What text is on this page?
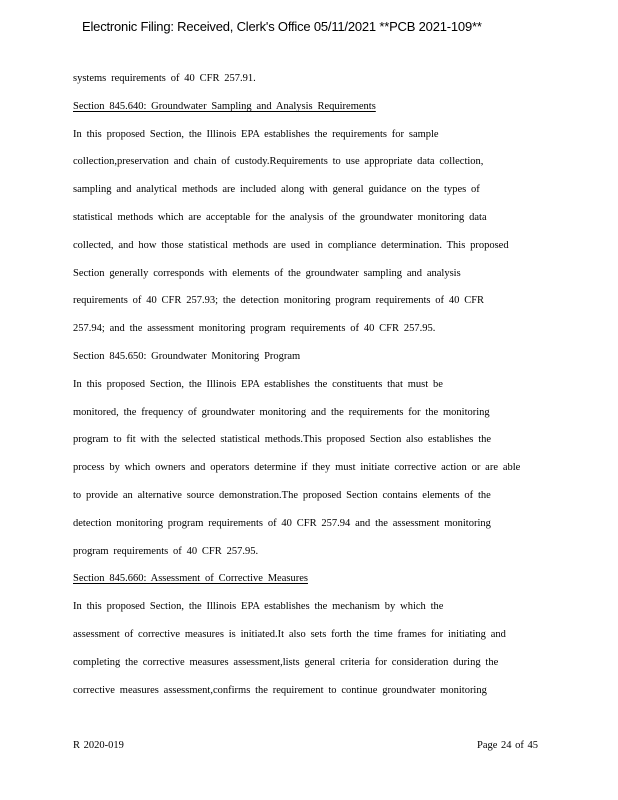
Electronic Filing: Received, Clerk's Office 05/11/2021 **PCB 2021-109**
systems requirements of 40 CFR 257.91.
Section 845.640: Groundwater Sampling and Analysis Requirements
In this proposed Section, the Illinois EPA establishes the requirements for sample
collection,preservation and chain of custody.Requirements to use appropriate data collection,
sampling and analytical methods are included along with general guidance on the types of
statistical methods which are acceptable for the analysis of the groundwater monitoring data
collected, and how those statistical methods are used in compliance determination. This proposed
Section generally corresponds with elements of the groundwater sampling and analysis
requirements of 40 CFR 257.93; the detection monitoring program requirements of 40 CFR
257.94; and the assessment monitoring program requirements of 40 CFR 257.95.
Section 845.650: Groundwater Monitoring Program
In this proposed Section, the Illinois EPA establishes the constituents that must be
monitored, the frequency of groundwater monitoring and the requirements for the monitoring
program to fit with the selected statistical methods.This proposed Section also establishes the
process by which owners and operators determine if they must initiate corrective action or are able
to provide an alternative source demonstration.The proposed Section contains elements of the
detection monitoring program requirements of 40 CFR 257.94 and the assessment monitoring
program requirements of 40 CFR 257.95.
Section 845.660: Assessment of Corrective Measures
In this proposed Section, the Illinois EPA establishes the mechanism by which the
assessment of corrective measures is initiated.It also sets forth the time frames for initiating and
completing the corrective measures assessment,lists general criteria for consideration during the
corrective measures assessment,confirms the requirement to continue groundwater monitoring
R 2020-019	Page 24 of 45
